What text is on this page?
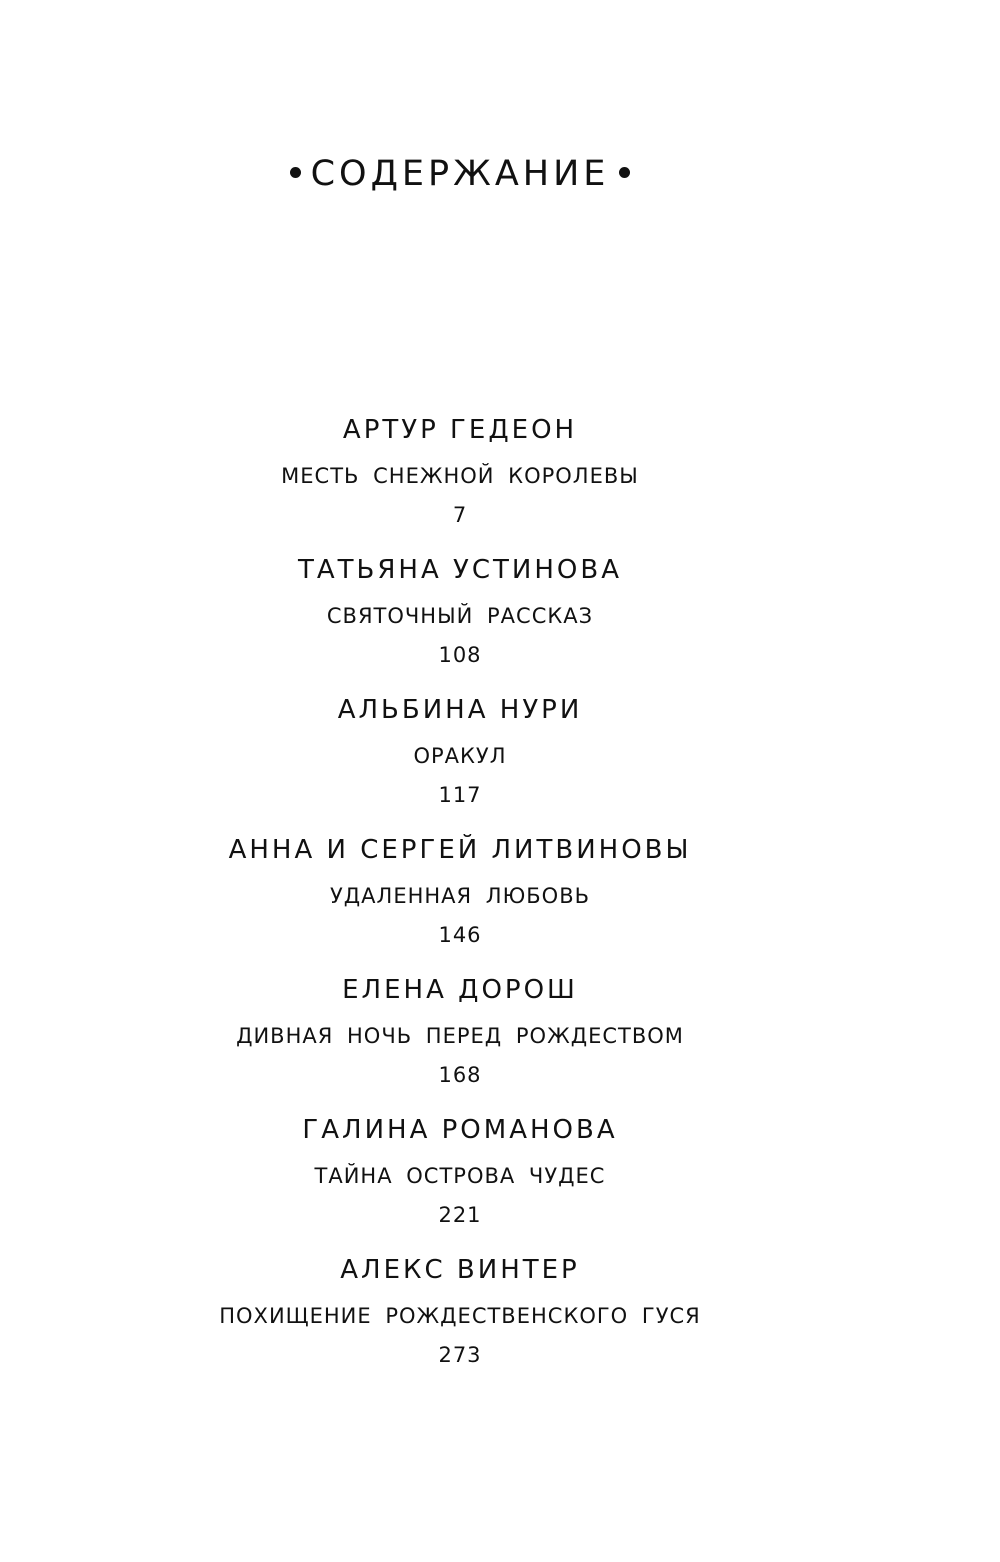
СОДЕРЖАНИЕ
АРТУР ГЕДЕОН
МЕСТЬ СНЕЖНОЙ КОРОЛЕВЫ
7
ТАТЬЯНА УСТИНОВА
СВЯТОЧНЫЙ РАССКАЗ
108
АЛЬБИНА НУРИ
ОРАКУЛ
117
АННА И СЕРГЕЙ ЛИТВИНОВЫ
УДАЛЕННАЯ ЛЮБОВЬ
146
ЕЛЕНА ДОРОШ
ДИВНАЯ НОЧЬ ПЕРЕД РОЖДЕСТВОМ
168
ГАЛИНА РОМАНОВА
ТАЙНА ОСТРОВА ЧУДЕС
221
АЛЕКС ВИНТЕР
ПОХИЩЕНИЕ РОЖДЕСТВЕНСКОГО ГУСЯ
273
